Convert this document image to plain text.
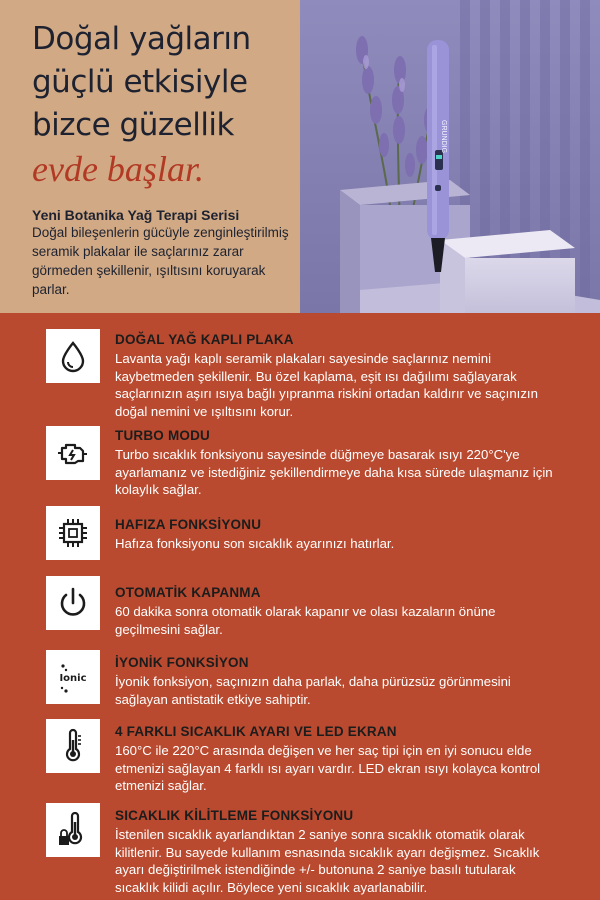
Doğal yağların
güçlü etkisiyle
bizce güzellik
evde başlar.
Yeni Botanika Yağ Terapi Serisi
Doğal bileşenlerin gücüyle zenginleştirilmiş seramik plakalar ile saçlarınız zarar görmeden şekillenir, ışıltısını koruyarak parlar.
GRUNDIG
DOĞAL YAĞ KAPLI PLAKA
Lavanta yağı kaplı seramik plakaları sayesinde saçlarınız nemini kaybetmeden şekillenir. Bu özel kaplama, eşit ısı dağılımı sağlayarak saçlarınızın aşırı ısıya bağlı yıpranma riskini ortadan kaldırır ve saçınızın doğal nemini ve ışıltısını korur.
TURBO MODU
Turbo sıcaklık fonksiyonu sayesinde düğmeye basarak ısıyı 220°C'ye ayarlamanız ve istediğiniz şekillendirmeye daha kısa sürede ulaşmanız için kolaylık sağlar.
HAFIZA FONKSİYONU
Hafıza fonksiyonu son sıcaklık ayarınızı hatırlar.
OTOMATİK KAPANMA
60 dakika sonra otomatik olarak kapanır ve olası kazaların önüne geçilmesini sağlar.
Ionic
İYONİK FONKSİYON
İyonik fonksiyon, saçınızın daha parlak, daha pürüzsüz görünmesini sağlayan antistatik etkiye sahiptir.
4 FARKLI SICAKLIK AYARI VE LED EKRAN
160°C ile 220°C arasında değişen ve her saç tipi için en iyi sonucu elde etmenizi sağlayan 4 farklı ısı ayarı vardır. LED ekran ısıyı kolayca kontrol etmenizi sağlar.
SICAKLIK KİLİTLEME FONKSİYONU
İstenilen sıcaklık ayarlandıktan 2 saniye sonra sıcaklık otomatik olarak kilitlenir. Bu sayede kullanım esnasında sıcaklık ayarı değişmez. Sıcaklık ayarı değiştirilmek istendiğinde +/- butonuna 2 saniye basılı tutularak sıcaklık kilidi açılır. Böylece yeni sıcaklık ayarlanabilir.
